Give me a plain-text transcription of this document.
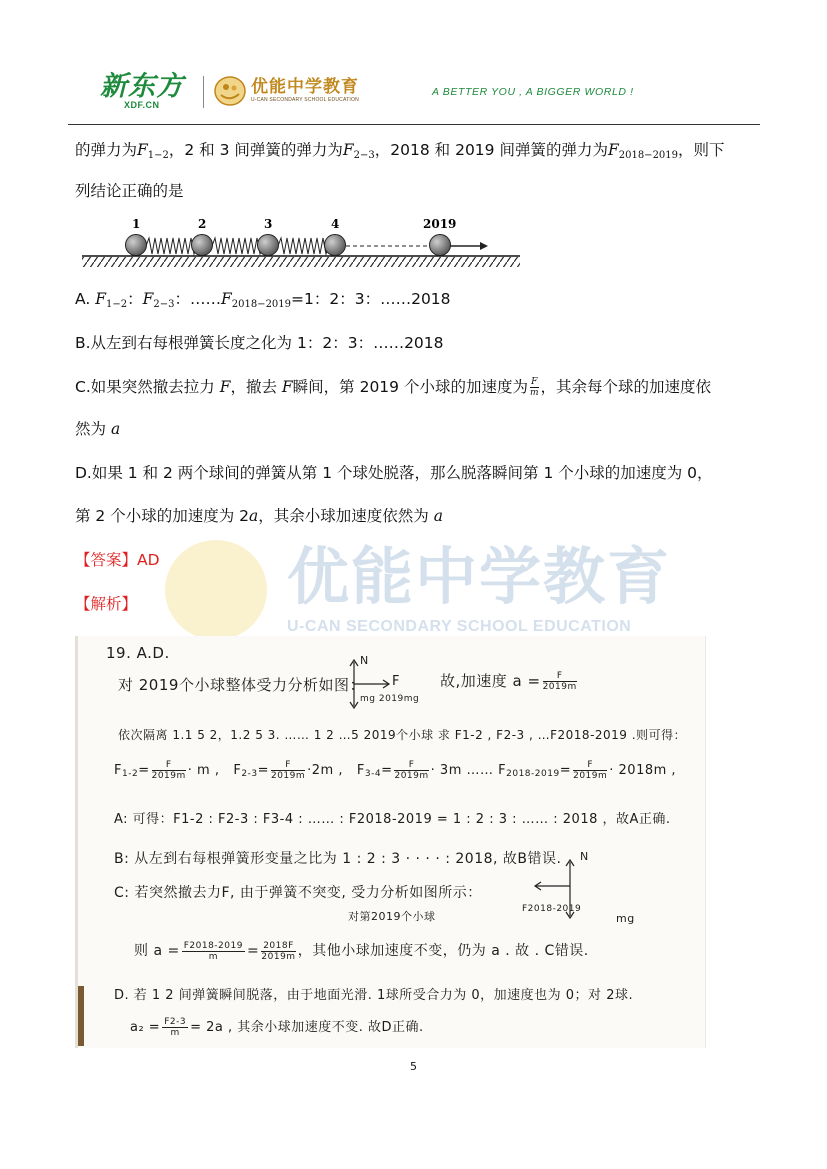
新东方
XDF.CN
优能中学教育
U-CAN SECONDARY SCHOOL EDUCATION
A BETTER YOU , A BIGGER WORLD !
的弹力为$F_{1-2}$，2 和 3 间弹簧的弹力为$F_{2-3}$，2018 和 2019 间弹簧的弹力为$F_{2018-2019}$，则下
列结论正确的是
1	2	3	4	2019
A. $F_{1-2}$：$F_{2-3}$：$\dots\dots F_{2018-2019}=1$：2：3：……2018
B.从左到右每根弹簧长度之化为 1：2：3：……2018
C.如果突然撤去拉力 F，撤去 F瞬间，第 2019 个小球的加速度为 $\frac{F}{m}$ ，其余每个球的加速度依
然为 a
D.如果 1 和 2 两个球间的弹簧从第 1 个球处脱落，那么脱落瞬间第 1 个小球的加速度为 0，
第 2 个小球的加速度为 2a，其余小球加速度依然为 a
优能中学教育
U-CAN SECONDARY SCHOOL EDUCATION
【答案】AD
【解析】
19. A.D.
对 2019个小球整体受力分析如图：
N
F
mg 2019mg
故,加速度 $a = \frac{F}{2019m}$
依次隔离 1.1 5 2，1.2 5 3. …… 1 2 …5 2019个小球 求 F1-2 , F2-3 , …F2018-2019 .则可得：
$F1-2= \frac{F}{2019m} \cdot m$ , $F2-3= \frac{F}{2019m} \cdot 2m$ , $F3-4= \frac{F}{2019m} \cdot 3m$ …… $F2018-2019= \frac{F}{2019m} \cdot 2018m$ ,
A: 可得：F1-2 : F2-3 : F3-4 : …… : F2018-2019 = 1 : 2 : 3 : …… : 2018 ，故A正确.
B: 从左到右每根弹簧形变量之比为 1 : 2 : 3 · · · · : 2018, 故B错误.
C: 若突然撤去力F, 由于弹簧不突变, 受力分析如图所示：
N
F2018-2019
mg
对第2019个小球
则 $a = \frac{F2018-2019}{m} = \frac{2018F}{2019m}$ ，其他小球加速度不变，仍为 a . 故 . C错误.
D. 若 1 2 间弹簧瞬间脱落，由于地面光滑. 1球所受合力为 0，加速度也为 0；对 2球.
$a_2 = \frac{F2-3}{m} = 2a$ , 其余小球加速度不变. 故D正确.
5
